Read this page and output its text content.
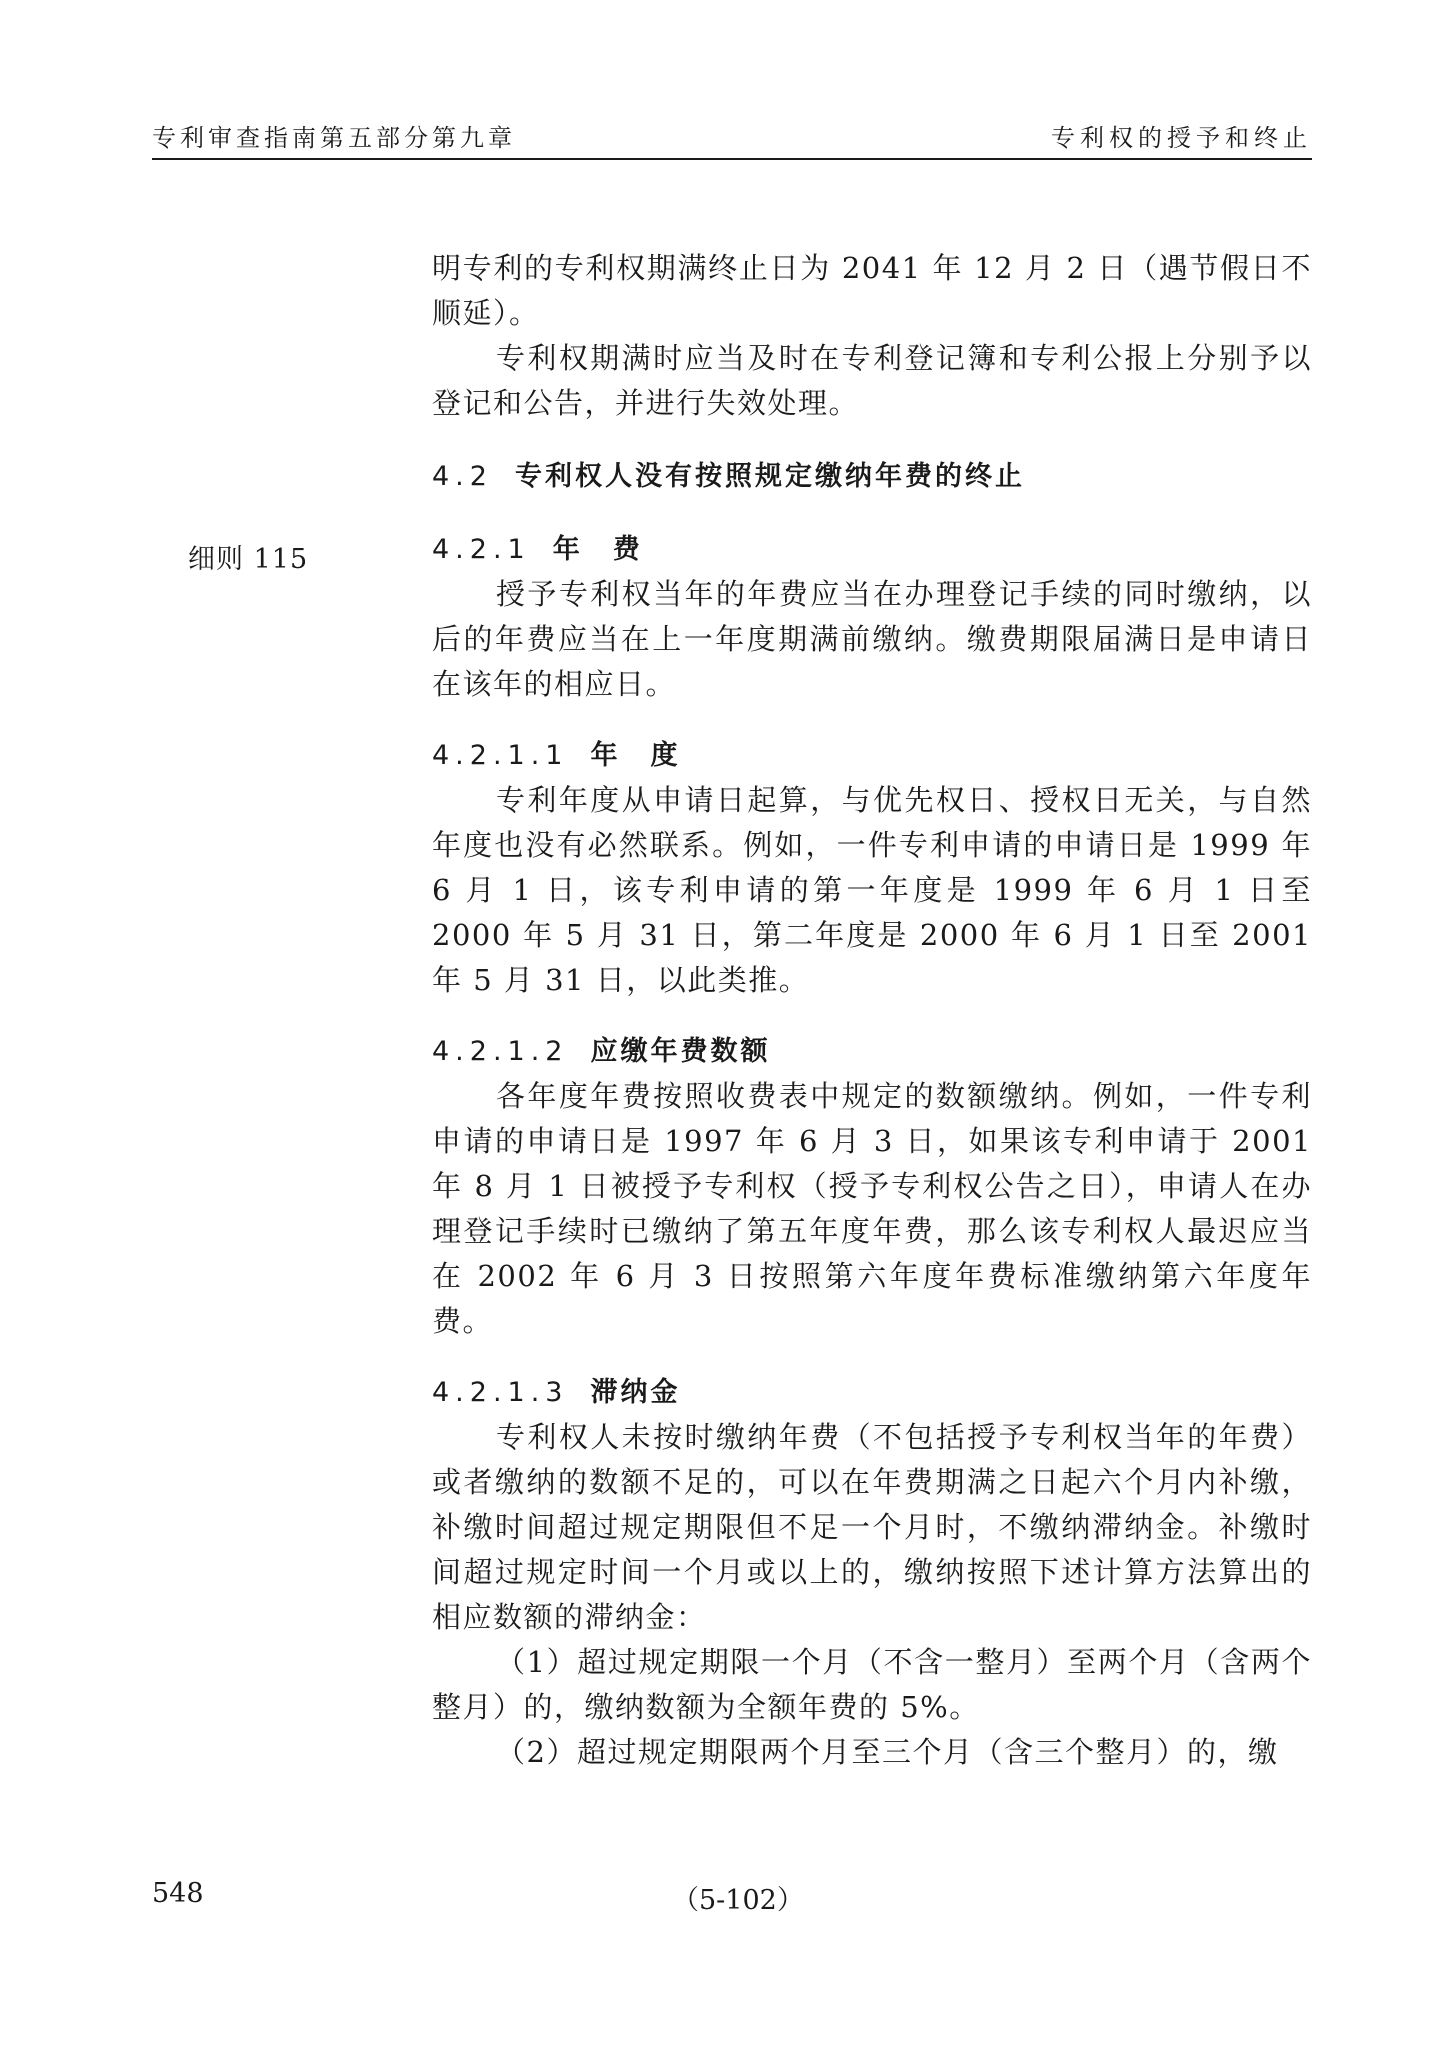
专利审查指南第五部分第九章	专利权的授予和终止
细则 115

明专利的专利权期满终止日为 2041 年 12 月 2 日（遇节假日不顺延）。

专利权期满时应当及时在专利登记簿和专利公报上分别予以登记和公告，并进行失效处理。

4.2 专利权人没有按照规定缴纳年费的终止

4.2.1 年　费

授予专利权当年的年费应当在办理登记手续的同时缴纳，以后的年费应当在上一年度期满前缴纳。缴费期限届满日是申请日在该年的相应日。

4.2.1.1 年　度

专利年度从申请日起算，与优先权日、授权日无关，与自然年度也没有必然联系。例如，一件专利申请的申请日是 1999 年 6 月 1 日，该专利申请的第一年度是 1999 年 6 月 1 日至 2000 年 5 月 31 日，第二年度是 2000 年 6 月 1 日至 2001 年 5 月 31 日，以此类推。

4.2.1.2 应缴年费数额

各年度年费按照收费表中规定的数额缴纳。例如，一件专利申请的申请日是 1997 年 6 月 3 日，如果该专利申请于 2001 年 8 月 1 日被授予专利权（授予专利权公告之日），申请人在办理登记手续时已缴纳了第五年度年费，那么该专利权人最迟应当在 2002 年 6 月 3 日按照第六年度年费标准缴纳第六年度年费。

4.2.1.3 滞纳金

专利权人未按时缴纳年费（不包括授予专利权当年的年费）或者缴纳的数额不足的，可以在年费期满之日起六个月内补缴，补缴时间超过规定期限但不足一个月时，不缴纳滞纳金。补缴时间超过规定时间一个月或以上的，缴纳按照下述计算方法算出的相应数额的滞纳金：

（1）超过规定期限一个月（不含一整月）至两个月（含两个整月）的，缴纳数额为全额年费的 5%。

（2）超过规定期限两个月至三个月（含三个整月）的，缴

548	（5-102）
